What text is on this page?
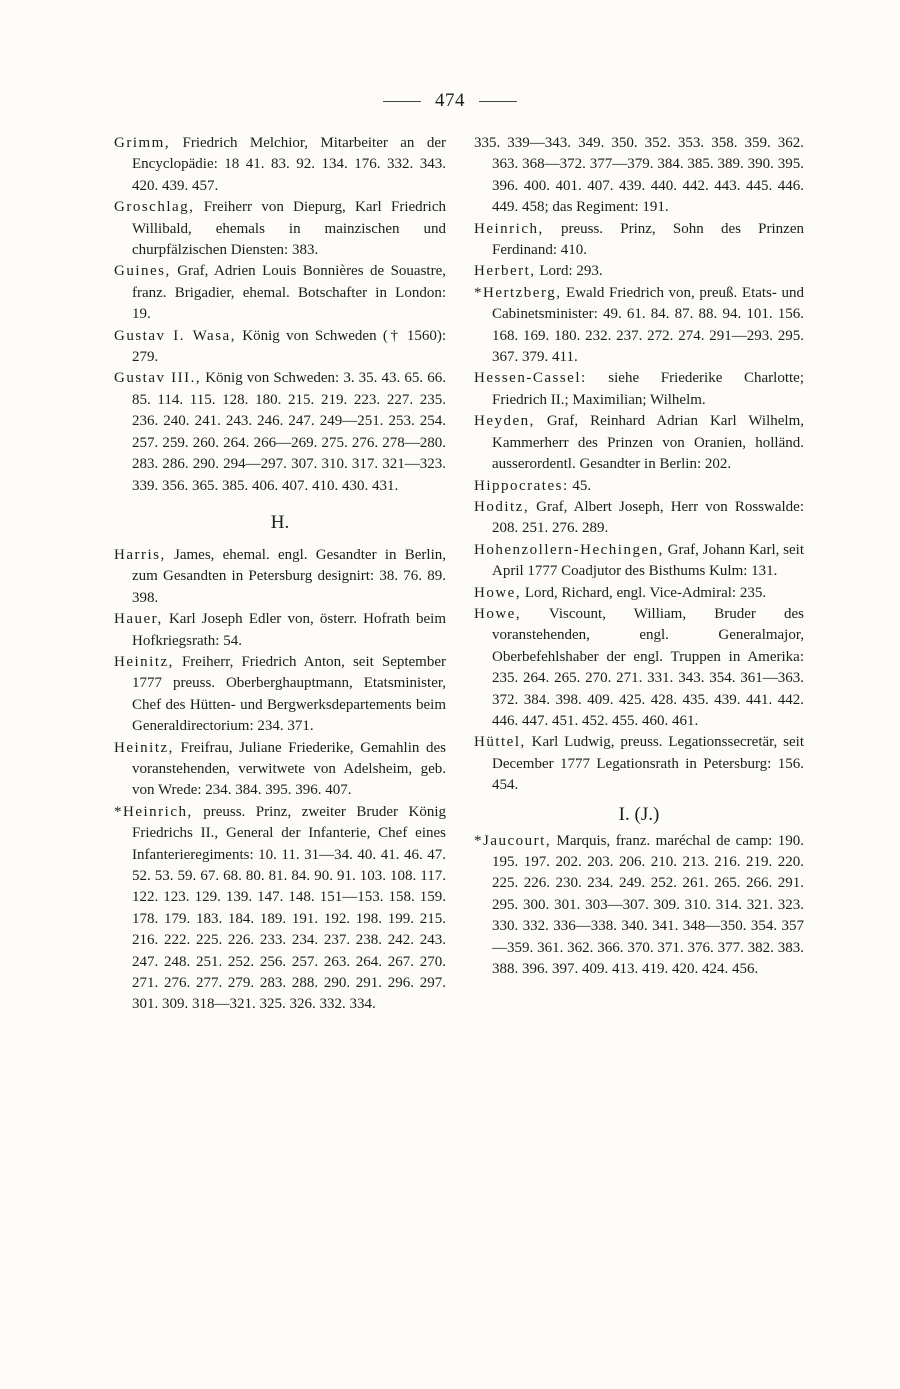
474
Grimm, Friedrich Melchior, Mitarbeiter an der Encyclopädie: 18 41. 83. 92. 134. 176. 332. 343. 420. 439. 457.
Groschlag, Freiherr von Diepurg, Karl Friedrich Willibald, ehemals in mainzischen und churpfälzischen Diensten: 383.
Guines, Graf, Adrien Louis Bonnières de Souastre, franz. Brigadier, ehemal. Botschafter in London: 19.
Gustav I. Wasa, König von Schweden († 1560): 279.
Gustav III., König von Schweden: 3. 35. 43. 65. 66. 85. 114. 115. 128. 180. 215. 219. 223. 227. 235. 236. 240. 241. 243. 246. 247. 249—251. 253. 254. 257. 259. 260. 264. 266—269. 275. 276. 278—280. 283. 286. 290. 294—297. 307. 310. 317. 321—323. 339. 356. 365. 385. 406. 407. 410. 430. 431.
H.
Harris, James, ehemal. engl. Gesandter in Berlin, zum Gesandten in Petersburg designirt: 38. 76. 89. 398.
Hauer, Karl Joseph Edler von, österr. Hofrath beim Hofkriegsrath: 54.
Heinitz, Freiherr, Friedrich Anton, seit September 1777 preuss. Oberberghauptmann, Etatsminister, Chef des Hütten- und Bergwerksdepartements beim Generaldirectorium: 234. 371.
Heinitz, Freifrau, Juliane Friederike, Gemahlin des voranstehenden, verwitwete von Adelsheim, geb. von Wrede: 234. 384. 395. 396. 407.
*Heinrich, preuss. Prinz, zweiter Bruder König Friedrichs II., General der Infanterie, Chef eines Infanterieregiments: 10. 11. 31—34. 40. 41. 46. 47. 52. 53. 59. 67. 68. 80. 81. 84. 90. 91. 103. 108. 117. 122. 123. 129. 139. 147. 148. 151—153. 158. 159. 178. 179. 183. 184. 189. 191. 192. 198. 199. 215. 216. 222. 225. 226. 233. 234. 237. 238. 242. 243. 247. 248. 251. 252. 256. 257. 263. 264. 267. 270. 271. 276. 277. 279. 283. 288. 290. 291. 296. 297. 301. 309. 318—321. 325. 326. 332. 334.
335. 339—343. 349. 350. 352. 353. 358. 359. 362. 363. 368—372. 377—379. 384. 385. 389. 390. 395. 396. 400. 401. 407. 439. 440. 442. 443. 445. 446. 449. 458; das Regiment: 191.
Heinrich, preuss. Prinz, Sohn des Prinzen Ferdinand: 410.
Herbert, Lord: 293.
*Hertzberg, Ewald Friedrich von, preuß. Etats- und Cabinetsminister: 49. 61. 84. 87. 88. 94. 101. 156. 168. 169. 180. 232. 237. 272. 274. 291—293. 295. 367. 379. 411.
Hessen-Cassel: siehe Friederike Charlotte; Friedrich II.; Maximilian; Wilhelm.
Heyden, Graf, Reinhard Adrian Karl Wilhelm, Kammerherr des Prinzen von Oranien, holländ. ausserordentl. Gesandter in Berlin: 202.
Hippocrates: 45.
Hoditz, Graf, Albert Joseph, Herr von Rosswalde: 208. 251. 276. 289.
Hohenzollern-Hechingen, Graf, Johann Karl, seit April 1777 Coadjutor des Bisthums Kulm: 131.
Howe, Lord, Richard, engl. Vice-Admiral: 235.
Howe, Viscount, William, Bruder des voranstehenden, engl. Generalmajor, Oberbefehlshaber der engl. Truppen in Amerika: 235. 264. 265. 270. 271. 331. 343. 354. 361—363. 372. 384. 398. 409. 425. 428. 435. 439. 441. 442. 446. 447. 451. 452. 455. 460. 461.
Hüttel, Karl Ludwig, preuss. Legationssecretär, seit December 1777 Legationsrath in Petersburg: 156. 454.
I. (J.)
*Jaucourt, Marquis, franz. maréchal de camp: 190. 195. 197. 202. 203. 206. 210. 213. 216. 219. 220. 225. 226. 230. 234. 249. 252. 261. 265. 266. 291. 295. 300. 301. 303—307. 309. 310. 314. 321. 323. 330. 332. 336—338. 340. 341. 348—350. 354. 357—359. 361. 362. 366. 370. 371. 376. 377. 382. 383. 388. 396. 397. 409. 413. 419. 420. 424. 456.
